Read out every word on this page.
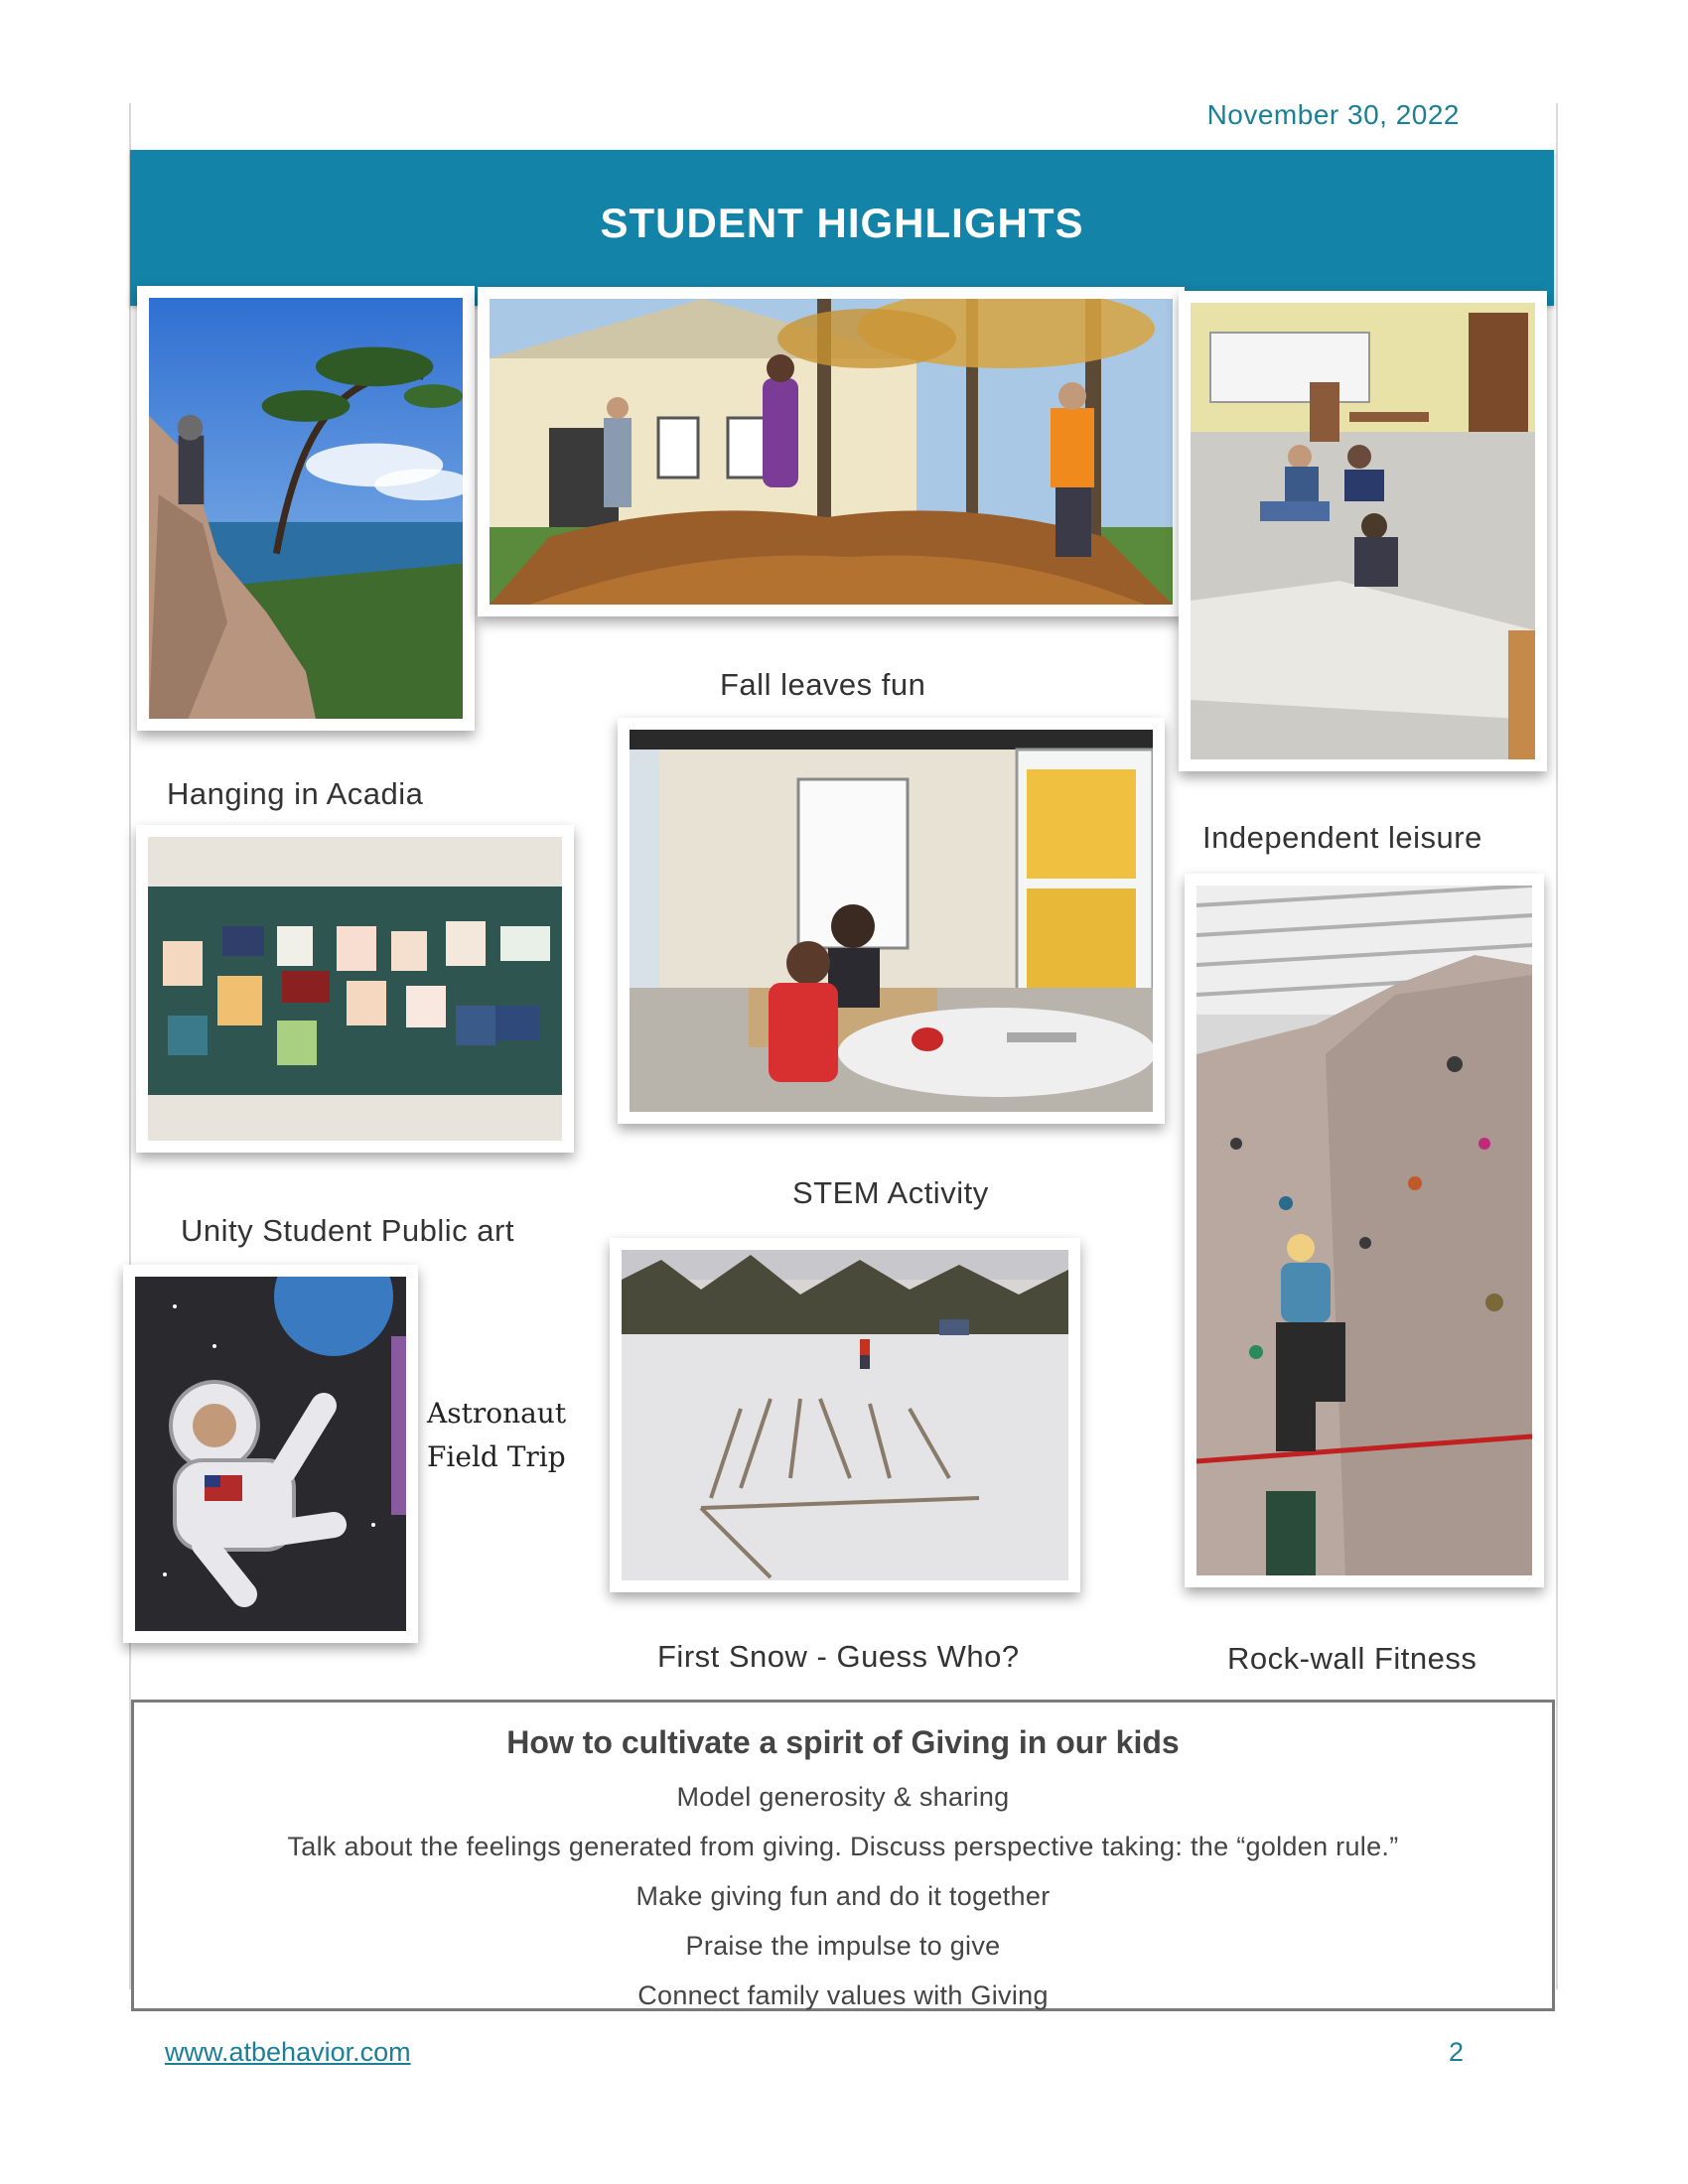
November 30, 2022
STUDENT HIGHLIGHTS
Fall leaves fun
Hanging in Acadia
Independent leisure
STEM Activity
Unity Student Public art
Astronaut
Field Trip
First Snow - Guess Who?	Rock-wall Fitness
How to cultivate a spirit of Giving in our kids
Model generosity & sharing
Talk about the feelings generated from giving. Discuss perspective taking: the “golden rule.”
Make giving fun and do it together
Praise the impulse to give
Connect family values with Giving
www.atbehavior.com	2
